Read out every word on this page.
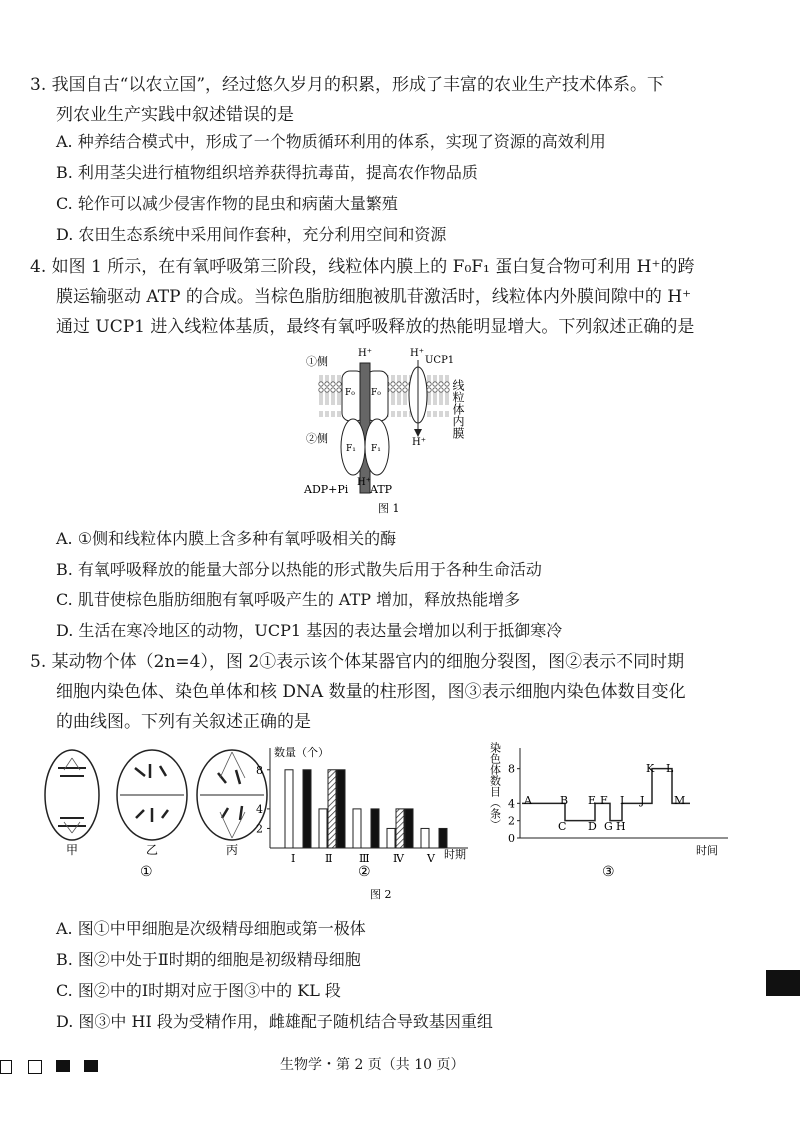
3. 我国自古“以农立国”，经过悠久岁月的积累，形成了丰富的农业生产技术体系。下
列农业生产实践中叙述错误的是
A. 种养结合模式中，形成了一个物质循环利用的体系，实现了资源的高效利用
B. 利用茎尖进行植物组织培养获得抗毒苗，提高农作物品质
C. 轮作可以减少侵害作物的昆虫和病菌大量繁殖
D. 农田生态系统中采用间作套种，充分利用空间和资源
4. 如图 1 所示，在有氧呼吸第三阶段，线粒体内膜上的 F₀F₁ 蛋白复合物可利用 H⁺的跨
膜运输驱动 ATP 的合成。当棕色脂肪细胞被肌苷激活时，线粒体内外膜间隙中的 H⁺
通过 UCP1 进入线粒体基质，最终有氧呼吸释放的热能明显增大。下列叙述正确的是
①侧
②侧
H⁺	H⁺
UCP1
F₀ F₀
F₁ F₁
H⁺
H⁺
ADP+Pi ATP
线粒体内膜
图 1
A. ①侧和线粒体内膜上含多种有氧呼吸相关的酶
B. 有氧呼吸释放的能量大部分以热能的形式散失后用于各种生命活动
C. 肌苷使棕色脂肪细胞有氧呼吸产生的 ATP 增加，释放热能增多
D. 生活在寒冷地区的动物，UCP1 基因的表达量会增加以利于抵御寒冷
5. 某动物个体（2n=4），图 2①表示该个体某器官内的细胞分裂图，图②表示不同时期
细胞内染色体、染色单体和核 DNA 数量的柱形图，图③表示细胞内染色体数目变化
的曲线图。下列有关叙述正确的是
甲	乙	丙
①
数量（个）
时期
2
4
8
Ⅰ	Ⅱ Ⅲ Ⅳ Ⅴ
②
染色体数目（条）
时间
0
2
4
8
A	B
C D
E F
G H
I J
K L
M
③
图 2
A. 图①中甲细胞是次级精母细胞或第一极体
B. 图②中处于Ⅱ时期的细胞是初级精母细胞
C. 图②中的Ⅰ时期对应于图③中的 KL 段
D. 图③中 HI 段为受精作用，雌雄配子随机结合导致基因重组
生物学・第 2 页（共 10 页）
